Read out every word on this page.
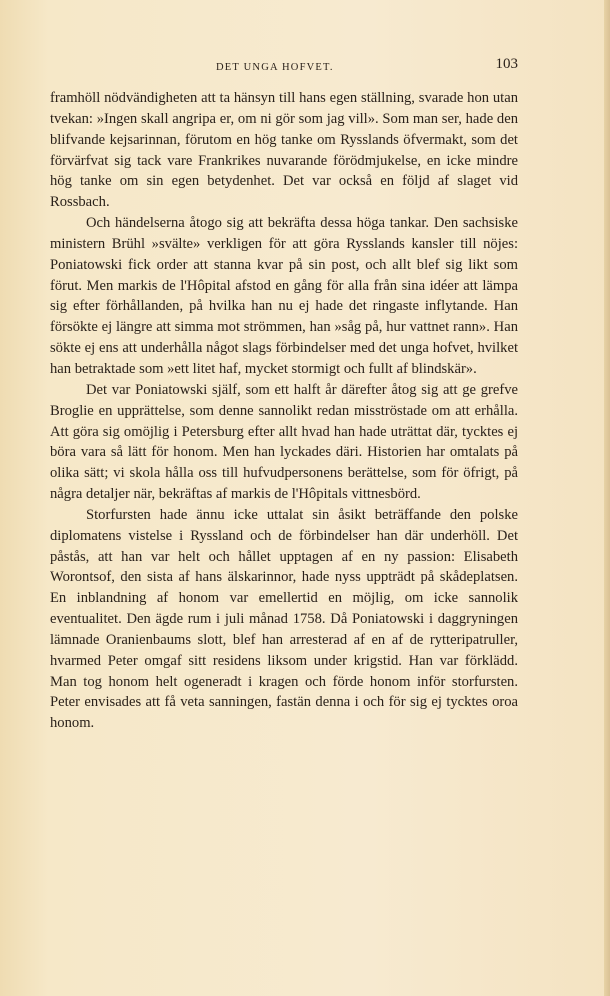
DET UNGA HOFVET.	103

framhöll nödvändigheten att ta hänsyn till hans egen ställning, svarade hon utan tvekan: »Ingen skall angripa er, om ni gör som jag vill». Som man ser, hade den blifvande kejsarinnan, förutom en hög tanke om Rysslands öfvermakt, som det förvärfvat sig tack vare Frankrikes nuvarande förödmjukelse, en icke mindre hög tanke om sin egen betydenhet. Det var också en följd af slaget vid Rossbach.

Och händelserna åtogo sig att bekräfta dessa höga tankar. Den sachsiske ministern Brühl »svälte» verkligen för att göra Rysslands kansler till nöjes: Poniatowski fick order att stanna kvar på sin post, och allt blef sig likt som förut. Men markis de l'Hôpital afstod en gång för alla från sina idéer att lämpa sig efter förhållanden, på hvilka han nu ej hade det ringaste inflytande. Han försökte ej längre att simma mot strömmen, han »såg på, hur vattnet rann». Han sökte ej ens att underhålla något slags förbindelser med det unga hofvet, hvilket han betraktade som »ett litet haf, mycket stormigt och fullt af blindskär».

Det var Poniatowski själf, som ett halft år därefter åtog sig att ge grefve Broglie en upprättelse, som denne sannolikt redan misströstade om att erhålla. Att göra sig omöjlig i Petersburg efter allt hvad han hade uträttat där, tycktes ej böra vara så lätt för honom. Men han lyckades däri. Historien har omtalats på olika sätt; vi skola hålla oss till hufvudpersonens berättelse, som för öfrigt, på några detaljer när, bekräftas af markis de l'Hôpitals vittnesbörd.

Storfursten hade ännu icke uttalat sin åsikt beträffande den polske diplomatens vistelse i Ryssland och de förbindelser han där underhöll. Det påstås, att han var helt och hållet upptagen af en ny passion: Elisabeth Worontsof, den sista af hans älskarinnor, hade nyss uppträdt på skådeplatsen. En inblandning af honom var emellertid en möjlig, om icke sannolik eventualitet. Den ägde rum i juli månad 1758. Då Poniatowski i daggryningen lämnade Oranienbaums slott, blef han arresterad af en af de rytteripatruller, hvarmed Peter omgaf sitt residens liksom under krigstid. Han var förklädd. Man tog honom helt ogeneradt i kragen och förde honom inför storfursten. Peter envisades att få veta sanningen, fastän denna i och för sig ej tycktes oroa honom.
